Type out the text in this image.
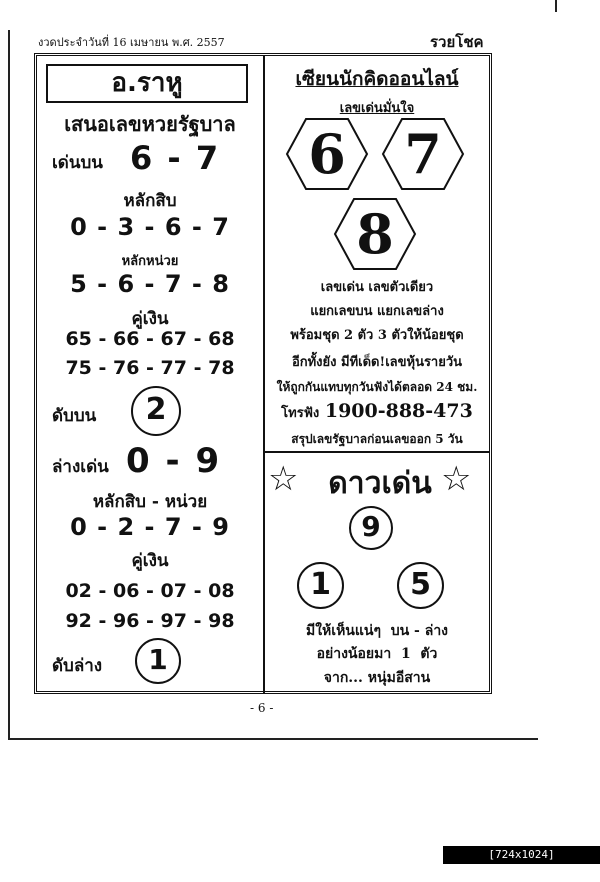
งวดประจำวันที่ 16 เมษายน พ.ศ. 2557	รวยโชค
อ.ราหู
เสนอเลขหวยรัฐบาล
เด่นบน 6 - 7
หลักสิบ
0 - 3 - 6 - 7
หลักหน่วย
5 - 6 - 7 - 8
คู่เงิน
65 - 66 - 67 - 68
75 - 76 - 77 - 78
ดับบน	2
ล่างเด่น 0 - 9
หลักสิบ - หน่วย
0 - 2 - 7 - 9
คู่เงิน
02 - 06 - 07 - 08
92 - 96 - 97 - 98
ดับล่าง	1
เซียนนักคิดออนไลน์
เลขเด่นมั่นใจ
6	7
8
เลขเด่น เลขตัวเดียว
แยกเลขบน แยกเลขล่าง
พร้อมชุด 2 ตัว 3 ตัวให้น้อยชุด
อีกทั้งยัง มีทีเด็ด!เลขหุ้นรายวัน
ให้ถูกกันแทบทุกวันฟังได้ตลอด 24 ชม.
โทรฟัง 1900-888-473
สรุปเลขรัฐบาลก่อนเลขออก 5 วัน
☆ ดาวเด่น ☆
9
1	5
มีให้เห็นแน่ๆ  บน - ล่าง
อย่างน้อยมา  1  ตัว
จาก... หนุ่มอีสาน
- 6 -
[724x1024] http://upic.me/
